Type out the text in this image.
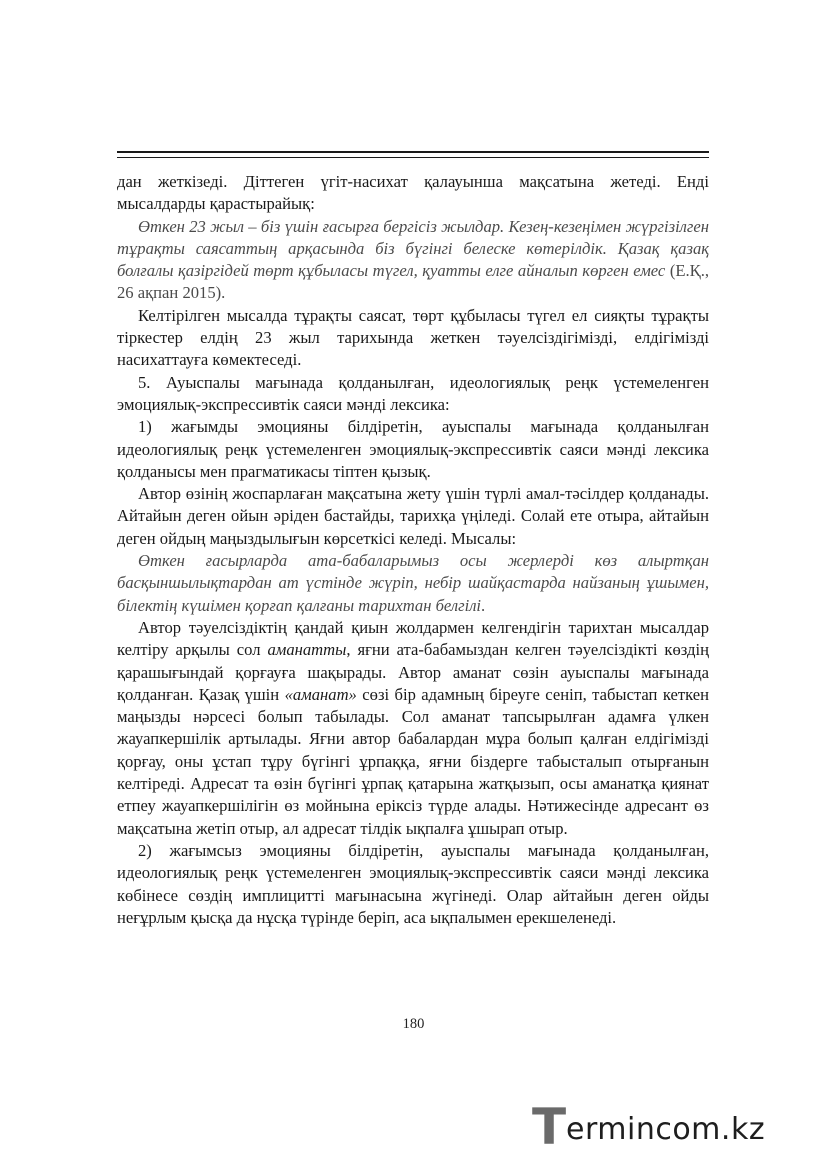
дан жеткізеді. Діттеген үгіт-насихат қалауынша мақсатына жетеді. Енді мысалдарды қарастырайық:

Өткен 23 жыл – біз үшін ғасырға бергісіз жылдар. Кезең-кезеңімен жүргізілген тұрақты саясаттың арқасында біз бүгінгі белеске көтерілдік. Қазақ қазақ болғалы қазіргідей төрт құбыласы түгел, қуатты елге айналып көрген емес (Е.Қ., 26 ақпан 2015).

Келтірілген мысалда тұрақты саясат, төрт құбыласы түгел ел сияқты тұрақты тіркестер елдің 23 жыл тарихында жеткен тәуелсіздігімізді, елдігімізді насихаттауға көмектеседі.

5. Ауыспалы мағынада қолданылған, идеологиялық реңк үстемеленген эмоциялық-экспрессивтік саяси мәнді лексика:

1) жағымды эмоцияны білдіретін, ауыспалы мағынада қолданылған идеологиялық реңк үстемеленген эмоциялық-экспрессивтік саяси мәнді лексика қолданысы мен прагматикасы тіптен қызық.

Автор өзінің жоспарлаған мақсатына жету үшін түрлі амал-тәсілдер қолданады. Айтайын деген ойын әріден бастайды, тарихқа үңіледі. Солай ете отыра, айтайын деген ойдың маңыздылығын көрсеткісі келеді. Мысалы:

Өткен ғасырларда ата-бабаларымыз осы жерлерді көз алыртқан басқыншылықтардан ат үстінде жүріп, небір шайқастарда найзаның ұшымен, білектің күшімен қорғап қалғаны тарихтан белгілі.

Автор тәуелсіздіктің қандай қиын жолдармен келгендігін тарихтан мысалдар келтіру арқылы сол аманатты, яғни ата-бабамыздан келген тәуелсіздікті көздің қарашығындай қорғауға шақырады. Автор аманат сөзін ауыспалы мағынада қолданған. Қазақ үшін «аманат» сөзі бір адамның біреуге сеніп, табыстап кеткен маңызды нәрсесі болып табылады. Сол аманат тапсырылған адамға үлкен жауапкершілік артылады. Яғни автор бабалардан мұра болып қалған елдігімізді қорғау, оны ұстап тұру бүгінгі ұрпаққа, яғни біздерге табысталып отырғанын келтіреді. Адресат та өзін бүгінгі ұрпақ қатарына жатқызып, осы аманатқа қиянат етпеу жауапкершілігін өз мойнына еріксіз түрде алады. Нәтижесінде адресант өз мақсатына жетіп отыр, ал адресат тілдік ықпалға ұшырап отыр.

2) жағымсыз эмоцияны білдіретін, ауыспалы мағынада қолданылған, идеологиялық реңк үстемеленген эмоциялық-экспрессивтік саяси мәнді лексика көбінесе сөздің имплициттi мағынасына жүгінеді. Олар айтайын деген ойды неғұрлым қысқа да нұсқа түрінде беріп, аса ықпалымен ерекшеленеді.

180
T ermincom.kz
